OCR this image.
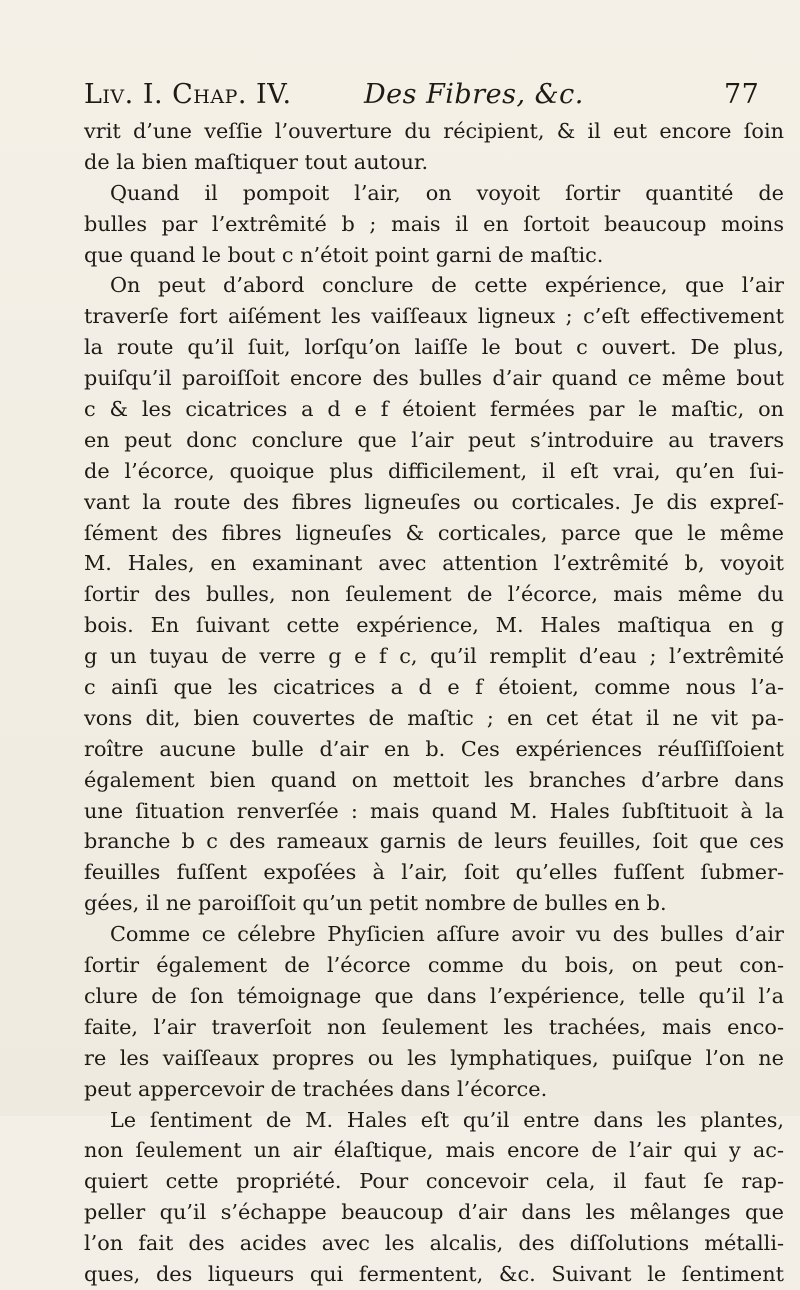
Liv. I. Chap. IV.	Des Fibres, &c.	77
vrit d’une veſſie l’ouverture du récipient, & il eut encore ſoin
de la bien maſtiquer tout autour.
Quand il pompoit l’air, on voyoit ſortir quantité de
bulles par l’extrêmité b ; mais il en ſortoit beaucoup moins
que quand le bout c n’étoit point garni de maſtic.
On peut d’abord conclure de cette expérience, que l’air
traverſe fort aiſément les vaiſſeaux ligneux ; c’eſt effectivement
la route qu’il ſuit, lorſqu’on laiſſe le bout c ouvert. De plus,
puiſqu’il paroiſſoit encore des bulles d’air quand ce même bout
c & les cicatrices a d e f étoient fermées par le maſtic, on
en peut donc conclure que l’air peut s’introduire au travers
de l’écorce, quoique plus difficilement, il eſt vrai, qu’en ſui-
vant la route des fibres ligneuſes ou corticales. Je dis expreſ-
ſément des fibres ligneuſes & corticales, parce que le même
M. Hales, en examinant avec attention l’extrêmité b, voyoit
ſortir des bulles, non ſeulement de l’écorce, mais même du
bois. En ſuivant cette expérience, M. Hales maſtiqua en g
g un tuyau de verre g e f c, qu’il remplit d’eau ; l’extrêmité
c ainſi que les cicatrices a d e f étoient, comme nous l’a-
vons dit, bien couvertes de maſtic ; en cet état il ne vit pa-
roître aucune bulle d’air en b. Ces expériences réuſſiſſoient
également bien quand on mettoit les branches d’arbre dans
une ſituation renverſée : mais quand M. Hales ſubſtituoit à la
branche b c des rameaux garnis de leurs feuilles, ſoit que ces
feuilles fuſſent expoſées à l’air, ſoit qu’elles fuſſent ſubmer-
gées, il ne paroiſſoit qu’un petit nombre de bulles en b.
Comme ce célebre Phyſicien aſſure avoir vu des bulles d’air
ſortir également de l’écorce comme du bois, on peut con-
clure de ſon témoignage que dans l’expérience, telle qu’il l’a
faite, l’air traverſoit non ſeulement les trachées, mais enco-
re les vaiſſeaux propres ou les lymphatiques, puiſque l’on ne
peut appercevoir de trachées dans l’écorce.
Le ſentiment de M. Hales eſt qu’il entre dans les plantes,
non ſeulement un air élaſtique, mais encore de l’air qui y ac-
quiert cette propriété. Pour concevoir cela, il faut ſe rap-
peller qu’il s’échappe beaucoup d’air dans les mêlanges que
l’on fait des acides avec les alcalis, des diſſolutions métalli-
ques, des liqueurs qui fermentent, &c. Suivant le ſentiment
